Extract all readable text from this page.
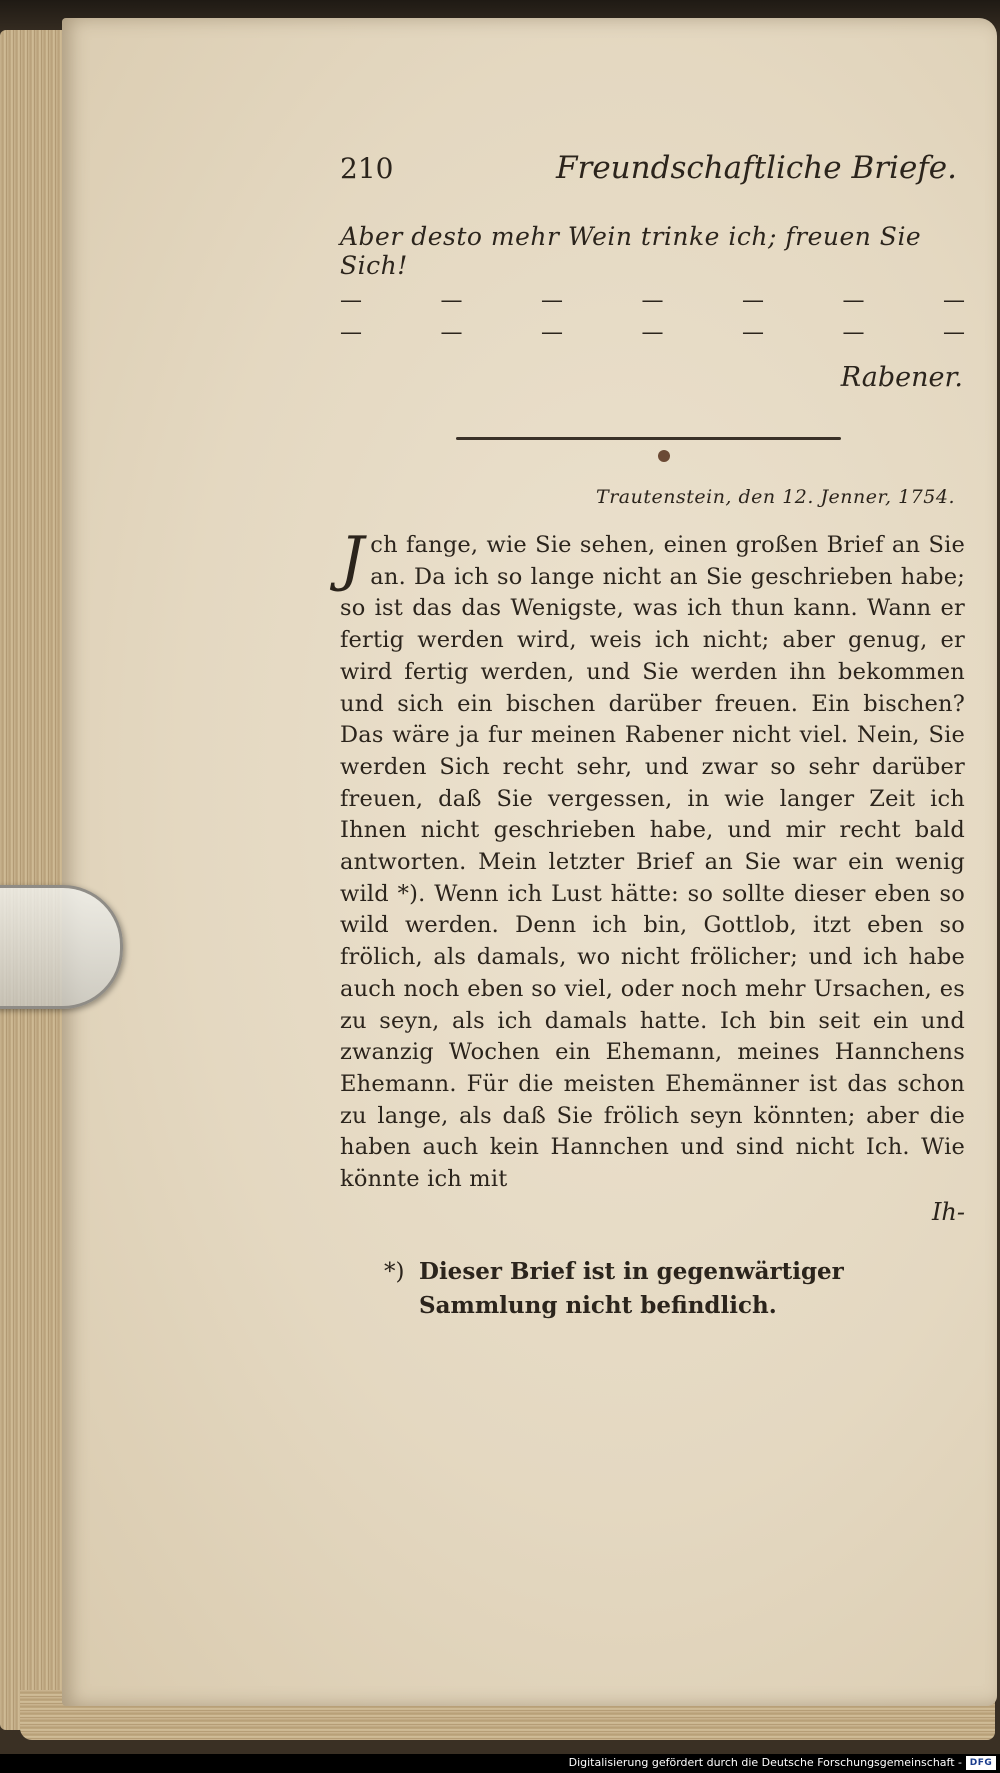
210	Freundschaftliche Briefe.
Aber desto mehr Wein trinke ich; freuen Sie Sich!
—	—	—	—	—	—	—
—	—	—	—	—	—	—
Rabener.
Trautenstein, den 12. Jenner, 1754.
J ch fange, wie Sie sehen, einen großen Brief an Sie an. Da ich so lange nicht an Sie geschrieben habe; so ist das das Wenigste, was ich thun kann. Wann er fertig werden wird, weis ich nicht; aber genug, er wird fertig werden, und Sie werden ihn bekommen und sich ein bischen darüber freuen. Ein bischen? Das wäre ja fur meinen Rabener nicht viel. Nein, Sie werden Sich recht sehr, und zwar so sehr darüber freuen, daß Sie vergessen, in wie langer Zeit ich Ihnen nicht geschrieben habe, und mir recht bald antworten. Mein letzter Brief an Sie war ein wenig wild *). Wenn ich Lust hätte: so sollte dieser eben so wild werden. Denn ich bin, Gottlob, itzt eben so frölich, als damals, wo nicht frölicher; und ich habe auch noch eben so viel, oder noch mehr Ursachen, es zu seyn, als ich damals hatte. Ich bin seit ein und zwanzig Wochen ein Ehemann, meines Hannchens Ehemann. Für die meisten Ehemänner ist das schon zu lange, als daß Sie frölich seyn könnten; aber die haben auch kein Hannchen und sind nicht Ich. Wie könnte ich mit
Ih-
*) Dieser Brief ist in gegenwärtiger Sammlung nicht befindlich.
Digitalisierung gefördert durch die Deutsche Forschungsgemeinschaft - DFG
